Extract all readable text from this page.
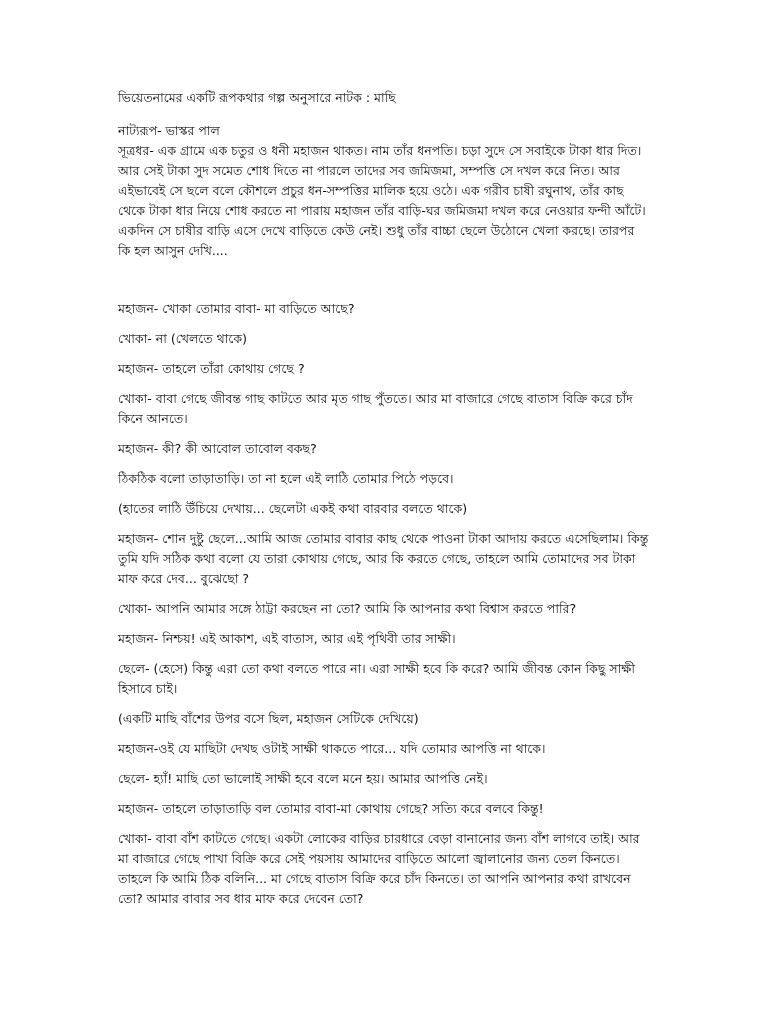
ভিয়েতনামের একটি রূপকথার গল্প অনুসারে নাটক : মাছি

নাট্যরূপ- ভাস্কর পাল

সূত্রধর- এক গ্রামে এক চতুর ও ধনী মহাজন থাকত। নাম তাঁর ধনপতি। চড়া সুদে সে সবাইকে টাকা ধার দিত। আর সেই টাকা সুদ সমেত শোধ দিতে না পারলে তাদের সব জমিজমা, সম্পত্তি সে দখল করে নিত। আর এইভাবেই সে ছলে বলে কৌশলে প্রচুর ধন-সম্পত্তির মালিক হয়ে ওঠে। এক গরীব চাষী রঘুনাথ, তাঁর কাছ থেকে টাকা ধার নিয়ে শোধ করতে না পারায় মহাজন তাঁর বাড়ি-ঘর জমিজমা দখল করে নেওয়ার ফন্দী আঁটে। একদিন সে চাষীর বাড়ি এসে দেখে বাড়িতে কেউ নেই। শুধু তাঁর বাচ্চা ছেলে উঠোনে খেলা করছে। তারপর কি হল আসুন দেখি....

মহাজন- খোকা তোমার বাবা- মা বাড়িতে আছে?

খোকা- না (খেলতে থাকে)

মহাজন- তাহলে তাঁরা কোথায় গেছে ?

খোকা- বাবা গেছে জীবন্ত গাছ কাটতে আর মৃত গাছ পুঁততে। আর মা বাজারে গেছে বাতাস বিক্রি করে চাঁদ কিনে আনতে।

মহাজন- কী? কী আবোল তাবোল বকছ?

ঠিকঠিক বলো তাড়াতাড়ি। তা না হলে এই লাঠি তোমার পিঠে পড়বে।

(হাতের লাঠি উঁচিয়ে দেখায়... ছেলেটা একই কথা বারবার বলতে থাকে)

মহাজন- শোন দুষ্টু ছেলে...আমি আজ তোমার বাবার কাছ থেকে পাওনা টাকা আদায় করতে এসেছিলাম। কিন্তু তুমি যদি সঠিক কথা বলো যে তারা কোথায় গেছে, আর কি করতে গেছে, তাহলে আমি তোমাদের সব টাকা মাফ করে দেব... বুঝেছো ?

খোকা- আপনি আমার সঙ্গে ঠাট্টা করছেন না তো? আমি কি আপনার কথা বিশ্বাস করতে পারি?

মহাজন- নিশ্চয়! এই আকাশ, এই বাতাস, আর এই পৃথিবী তার সাক্ষী।

ছেলে- (হেসে) কিন্তু এরা তো কথা বলতে পারে না। এরা সাক্ষী হবে কি করে? আমি জীবন্ত কোন কিছু সাক্ষী হিসাবে চাই।

(একটি মাছি বাঁশের উপর বসে ছিল, মহাজন সেটিকে দেখিয়ে)

মহাজন-ওই যে মাছিটা দেখছ ওটাই সাক্ষী থাকতে পারে... যদি তোমার আপত্তি না থাকে।

ছেলে- হ্যাঁ! মাছি তো ভালোই সাক্ষী হবে বলে মনে হয়। আমার আপত্তি নেই।

মহাজন- তাহলে তাড়াতাড়ি বল তোমার বাবা-মা কোথায় গেছে? সত্যি করে বলবে কিন্তু!

খোকা- বাবা বাঁশ কাটতে গেছে। একটা লোকের বাড়ির চারধারে বেড়া বানানোর জন্য বাঁশ লাগবে তাই। আর মা বাজারে গেছে পাখা বিক্রি করে সেই পয়সায় আমাদের বাড়িতে আলো জ্বালানোর জন্য তেল কিনতে। তাহলে কি আমি ঠিক বলিনি... মা গেছে বাতাস বিক্রি করে চাঁদ কিনতে। তা আপনি আপনার কথা রাখবেন তো? আমার বাবার সব ধার মাফ করে দেবেন তো?
